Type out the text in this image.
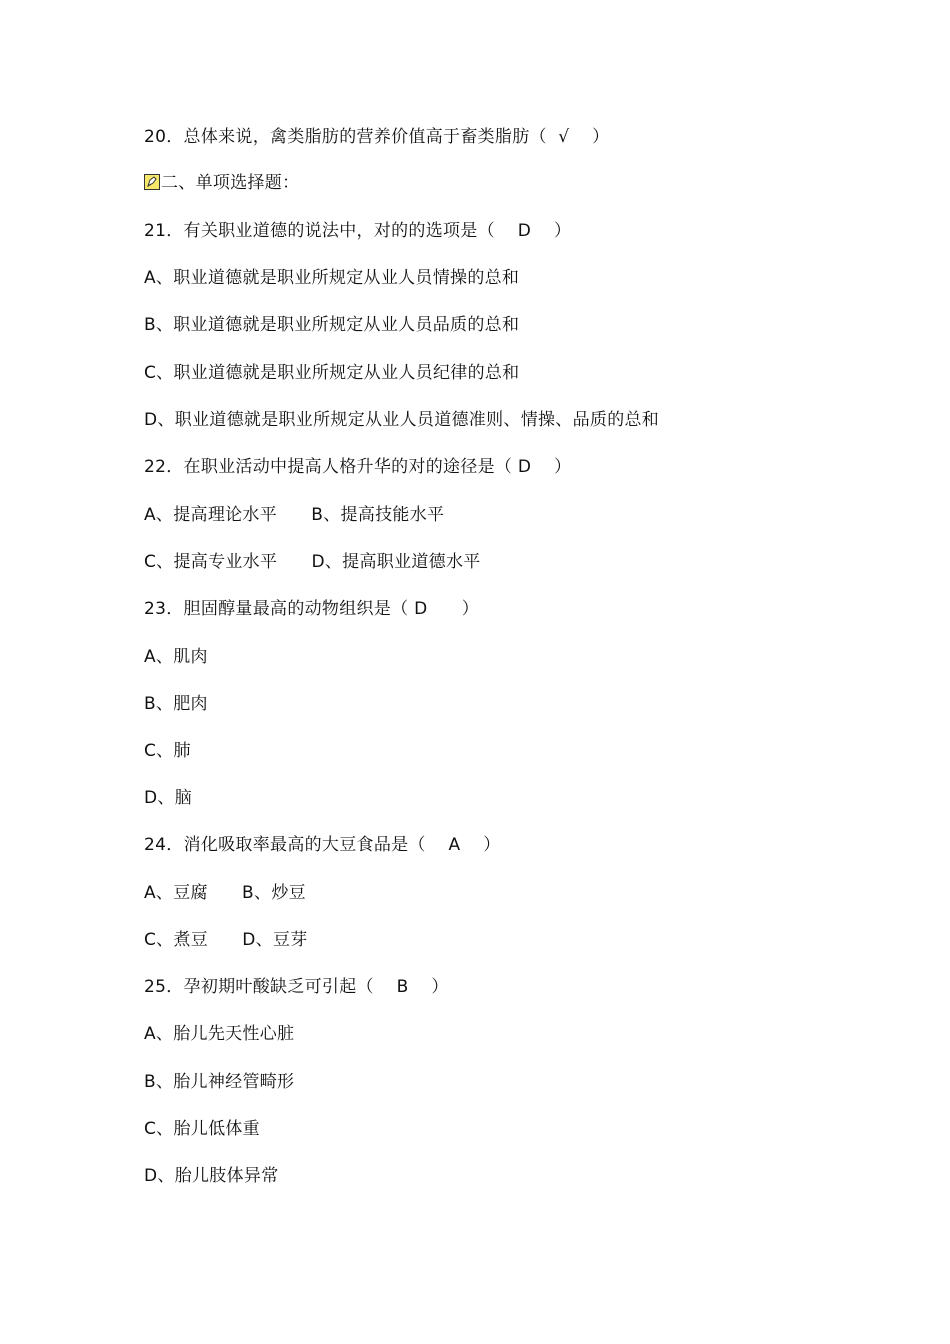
20．总体来说，禽类脂肪的营养价值高于畜类脂肪（  √    ）
二、单项选择题：
21．有关职业道德的说法中，对的的选项是（    D    ）
A、职业道德就是职业所规定从业人员情操的总和
B、职业道德就是职业所规定从业人员品质的总和
C、职业道德就是职业所规定从业人员纪律的总和
D、职业道德就是职业所规定从业人员道德准则、情操、品质的总和
22．在职业活动中提高人格升华的对的途径是（ D    ）
A、提高理论水平      B、提高技能水平
C、提高专业水平      D、提高职业道德水平
23．胆固醇量最高的动物组织是（ D      ）
A、肌肉
B、肥肉
C、肺
D、脑
24．消化吸取率最高的大豆食品是（    A    ）
A、豆腐      B、炒豆
C、煮豆      D、豆芽
25．孕初期叶酸缺乏可引起（    B    ）
A、胎儿先天性心脏
B、胎儿神经管畸形
C、胎儿低体重
D、胎儿肢体异常
